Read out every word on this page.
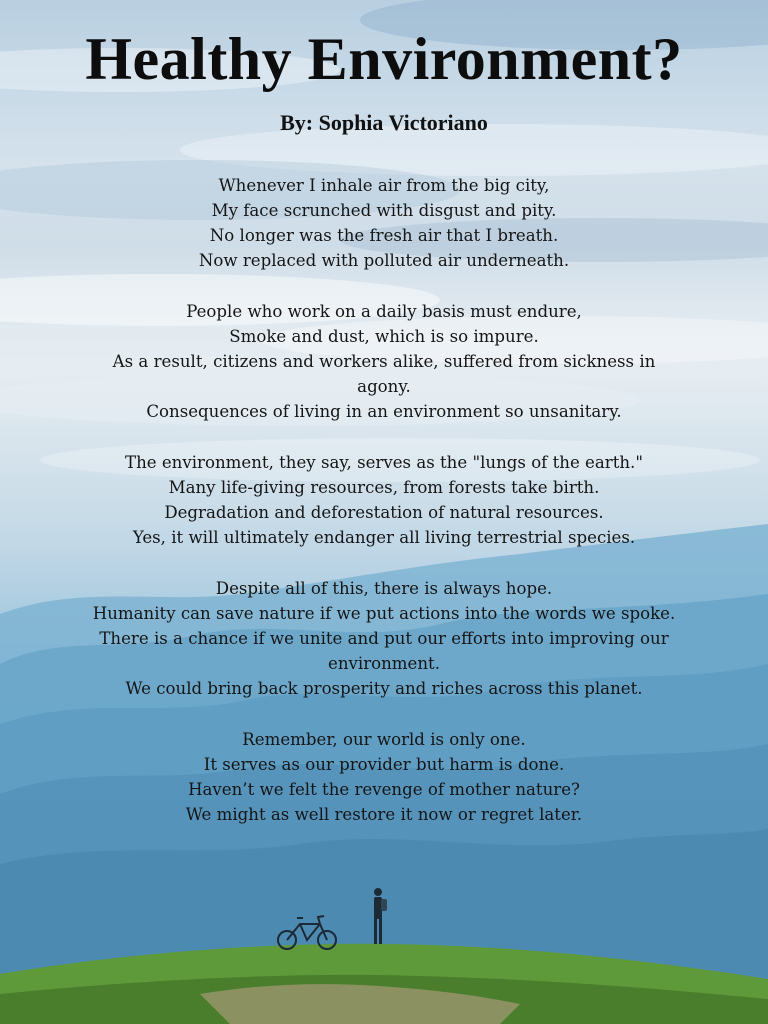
Healthy Environment?
By: Sophia Victoriano
Whenever I inhale air from the big city,
My face scrunched with disgust and pity.
No longer was the fresh air that I breath.
Now replaced with polluted air underneath.
People who work on a daily basis must endure,
Smoke and dust, which is so impure.
As a result, citizens and workers alike, suffered from sickness in agony.
Consequences of living in an environment so unsanitary.
The environment, they say, serves as the "lungs of the earth."
Many life-giving resources, from forests take birth.
Degradation and deforestation of natural resources.
Yes, it will ultimately endanger all living terrestrial species.
Despite all of this, there is always hope.
Humanity can save nature if we put actions into the words we spoke.
There is a chance if we unite and put our efforts into improving our environment.
We could bring back prosperity and riches across this planet.
Remember, our world is only one.
It serves as our provider but harm is done.
Haven’t we felt the revenge of mother nature?
We might as well restore it now or regret later.
